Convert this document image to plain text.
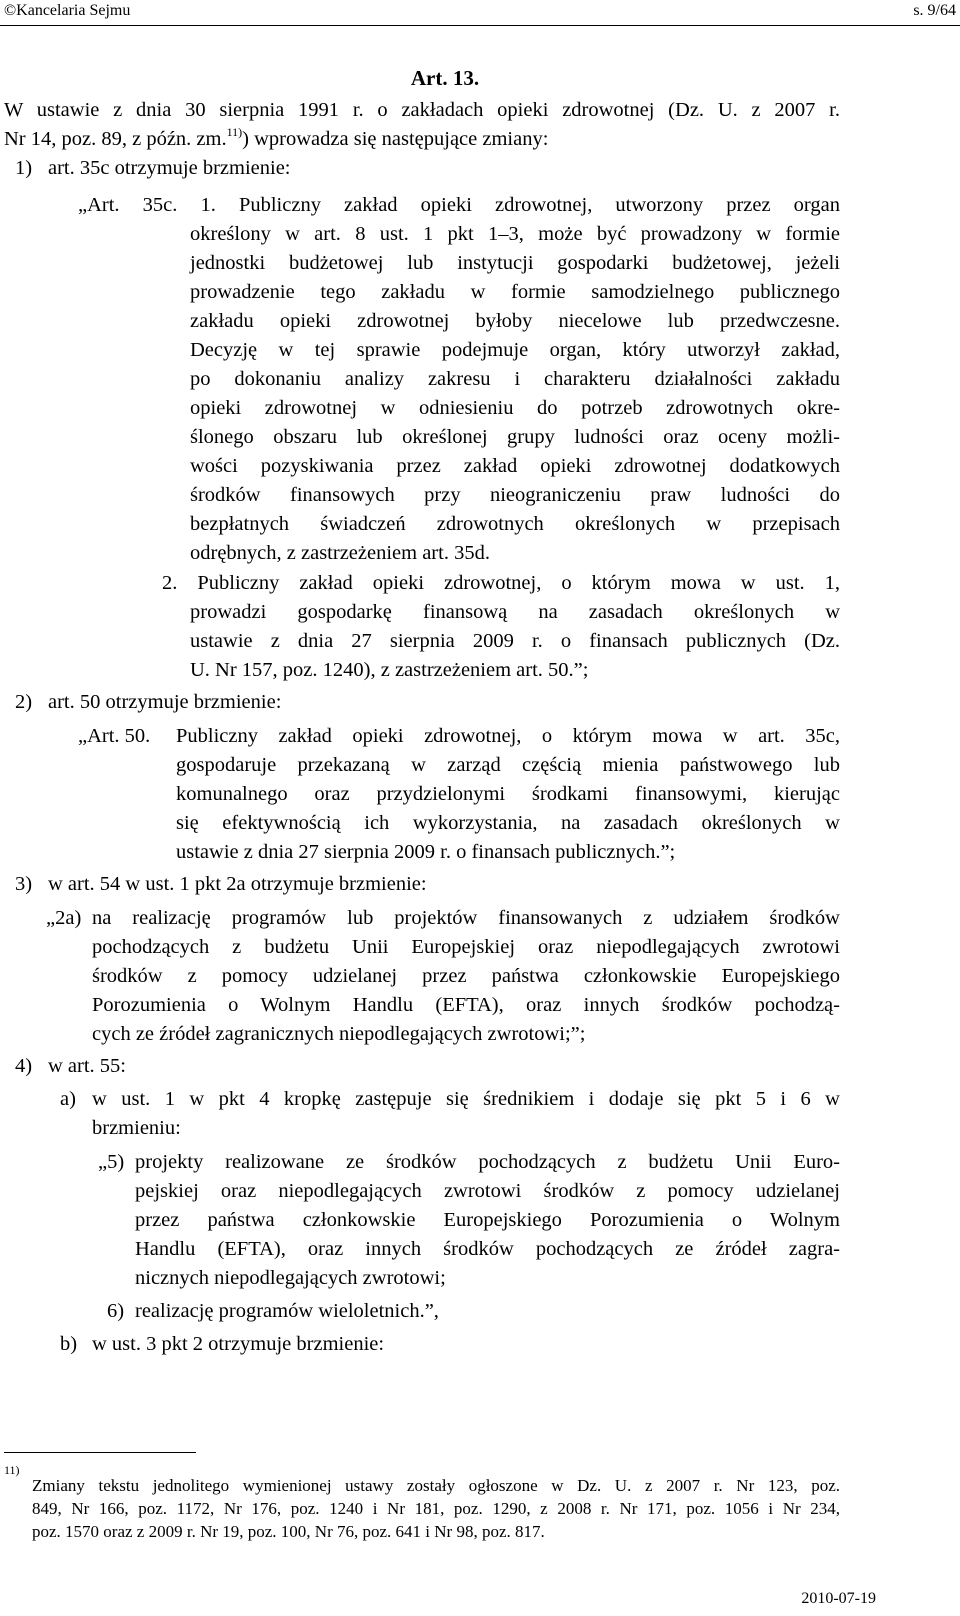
©Kancelaria Sejmu	s. 9/64
Art. 13.
W ustawie z dnia 30 sierpnia 1991 r. o zakładach opieki zdrowotnej (Dz. U. z 2007 r.
Nr 14, poz. 89, z późn. zm.$^{11)}$) wprowadza się następujące zmiany:
1) art. 35c otrzymuje brzmienie:
„Art. 35c. 1. Publiczny zakład opieki zdrowotnej, utworzony przez organ
określony w art. 8 ust. 1 pkt 1–3, może być prowadzony w formie
jednostki budżetowej lub instytucji gospodarki budżetowej, jeżeli
prowadzenie tego zakładu w formie samodzielnego publicznego
zakładu opieki zdrowotnej byłoby niecelowe lub przedwczesne.
Decyzję w tej sprawie podejmuje organ, który utworzył zakład,
po dokonaniu analizy zakresu i charakteru działalności zakładu
opieki zdrowotnej w odniesieniu do potrzeb zdrowotnych okre-
ślonego obszaru lub określonej grupy ludności oraz oceny możli-
wości pozyskiwania przez zakład opieki zdrowotnej dodatkowych
środków finansowych przy nieograniczeniu praw ludności do
bezpłatnych świadczeń zdrowotnych określonych w przepisach
odrębnych, z zastrzeżeniem art. 35d.
2. Publiczny zakład opieki zdrowotnej, o którym mowa w ust. 1,
prowadzi gospodarkę finansową na zasadach określonych w
ustawie z dnia 27 sierpnia 2009 r. o finansach publicznych (Dz.
U. Nr 157, poz. 1240), z zastrzeżeniem art. 50.”;
2) art. 50 otrzymuje brzmienie:
„Art. 50. Publiczny zakład opieki zdrowotnej, o którym mowa w art. 35c,
gospodaruje przekazaną w zarząd częścią mienia państwowego lub
komunalnego oraz przydzielonymi środkami finansowymi, kierując
się efektywnością ich wykorzystania, na zasadach określonych w
ustawie z dnia 27 sierpnia 2009 r. o finansach publicznych.”;
3) w art. 54 w ust. 1 pkt 2a otrzymuje brzmienie:
„2a) na realizację programów lub projektów finansowanych z udziałem środków
pochodzących z budżetu Unii Europejskiej oraz niepodlegających zwrotowi
środków z pomocy udzielanej przez państwa członkowskie Europejskiego
Porozumienia o Wolnym Handlu (EFTA), oraz innych środków pochodzą-
cych ze źródeł zagranicznych niepodlegających zwrotowi;”;
4) w art. 55:
a) w ust. 1 w pkt 4 kropkę zastępuje się średnikiem i dodaje się pkt 5 i 6 w
brzmieniu:
„5) projekty realizowane ze środków pochodzących z budżetu Unii Euro-
pejskiej oraz niepodlegających zwrotowi środków z pomocy udzielanej
przez państwa członkowskie Europejskiego Porozumienia o Wolnym
Handlu (EFTA), oraz innych środków pochodzących ze źródeł zagra-
nicznych niepodlegających zwrotowi;
6) realizację programów wieloletnich.”,
b) w ust. 3 pkt 2 otrzymuje brzmienie:
$^{11)}$
Zmiany tekstu jednolitego wymienionej ustawy zostały ogłoszone w Dz. U. z 2007 r. Nr 123, poz.
849, Nr 166, poz. 1172, Nr 176, poz. 1240 i Nr 181, poz. 1290, z 2008 r. Nr 171, poz. 1056 i Nr 234,
poz. 1570 oraz z 2009 r. Nr 19, poz. 100, Nr 76, poz. 641 i Nr 98, poz. 817.
2010-07-19
